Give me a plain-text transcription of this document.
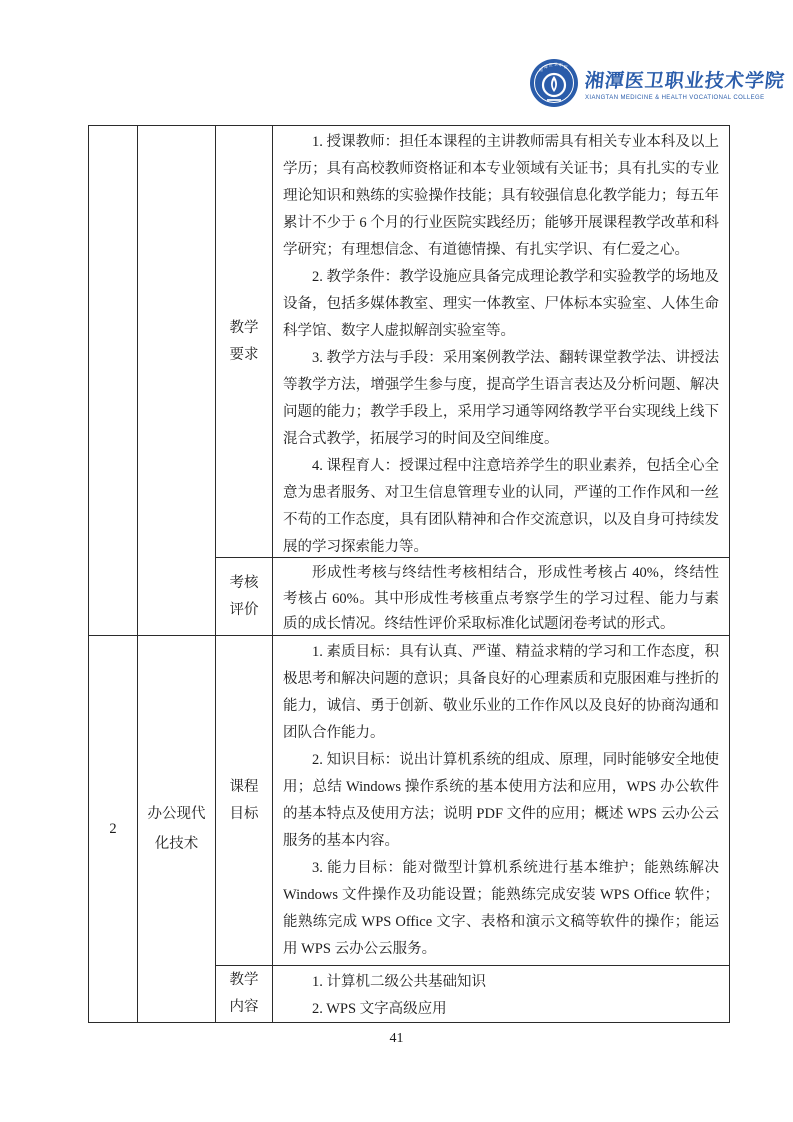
湘
潭 医 卫 职 院
湘潭医卫职业技术学院
XIANGTAN MEDICINE & HEALTH VOCATIONAL COLLEGE
教学要求

1. 授课教师：担任本课程的主讲教师需具有相关专业本科及以上学历；具有高校教师资格证和本专业领域有关证书；具有扎实的专业理论知识和熟练的实验操作技能；具有较强信息化教学能力；每五年累计不少于 6 个月的行业医院实践经历；能够开展课程教学改革和科学研究；有理想信念、有道德情操、有扎实学识、有仁爱之心。

2. 教学条件：教学设施应具备完成理论教学和实验教学的场地及设备，包括多媒体教室、理实一体教室、尸体标本实验室、人体生命科学馆、数字人虚拟解剖实验室等。

3. 教学方法与手段：采用案例教学法、翻转课堂教学法、讲授法等教学方法，增强学生参与度，提高学生语言表达及分析问题、解决问题的能力；教学手段上，采用学习通等网络教学平台实现线上线下混合式教学，拓展学习的时间及空间维度。

4. 课程育人：授课过程中注意培养学生的职业素养，包括全心全意为患者服务、对卫生信息管理专业的认同，严谨的工作作风和一丝不苟的工作态度，具有团队精神和合作交流意识，以及自身可持续发展的学习探索能力等。

考核评价

形成性考核与终结性考核相结合，形成性考核占 40%，终结性考核占 60%。其中形成性考核重点考察学生的学习过程、能力与素质的成长情况。终结性评价采取标准化试题闭卷考试的形式。

2
办公现代化技术
课程目标

1. 素质目标：具有认真、严谨、精益求精的学习和工作态度，积极思考和解决问题的意识；具备良好的心理素质和克服困难与挫折的能力，诚信、勇于创新、敬业乐业的工作作风以及良好的协商沟通和团队合作能力。

2. 知识目标：说出计算机系统的组成、原理，同时能够安全地使用；总结 Windows 操作系统的基本使用方法和应用，WPS 办公软件的基本特点及使用方法；说明 PDF 文件的应用；概述 WPS 云办公云服务的基本内容。

3. 能力目标：能对微型计算机系统进行基本维护；能熟练解决 Windows 文件操作及功能设置；能熟练完成安装 WPS Office 软件；能熟练完成 WPS Office 文字、表格和演示文稿等软件的操作；能运用 WPS 云办公云服务。

教学内容

1. 计算机二级公共基础知识

2. WPS 文字高级应用

41
